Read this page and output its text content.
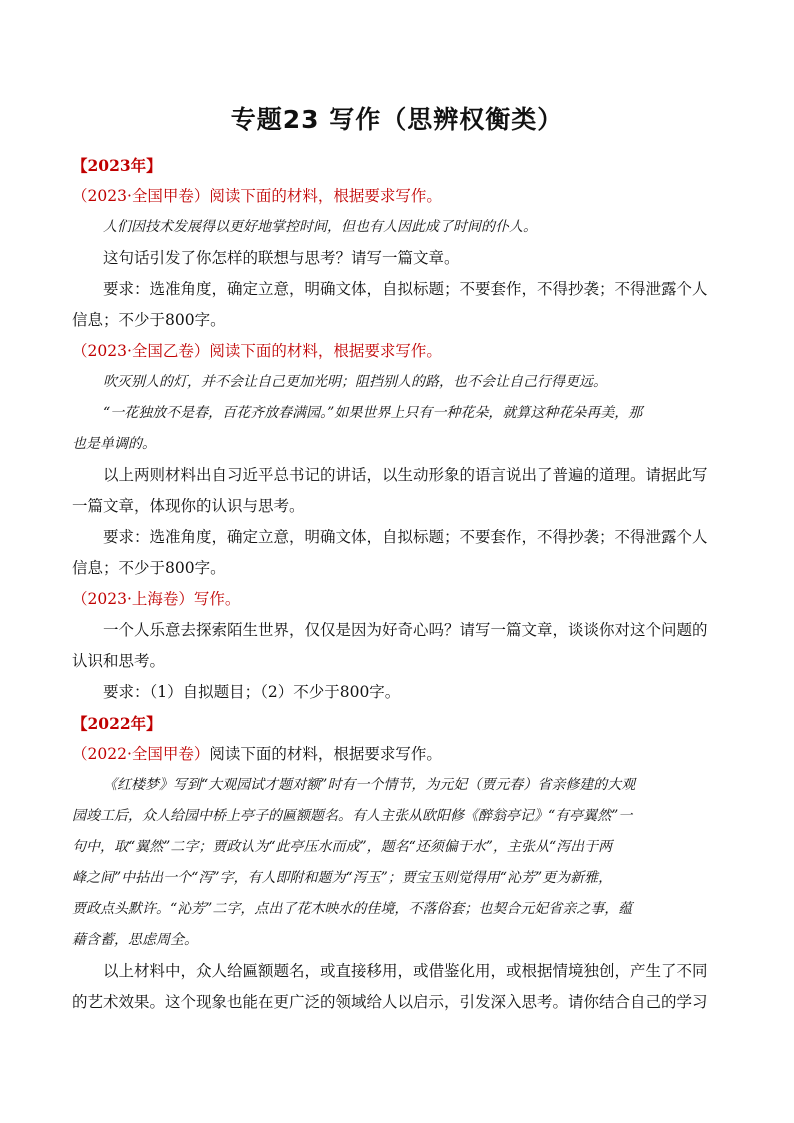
专题23 写作（思辨权衡类）
【2023年】
（2023·全国甲卷）阅读下面的材料，根据要求写作。
人们因技术发展得以更好地掌控时间，但也有人因此成了时间的仆人。
这句话引发了你怎样的联想与思考？请写一篇文章。
要求：选准角度，确定立意，明确文体，自拟标题；不要套作，不得抄袭；不得泄露个人
信息；不少于800字。
（2023·全国乙卷）阅读下面的材料，根据要求写作。
吹灭别人的灯，并不会让自己更加光明；阻挡别人的路，也不会让自己行得更远。
“一花独放不是春，百花齐放春满园。”如果世界上只有一种花朵，就算这种花朵再美，那
也是单调的。
以上两则材料出自习近平总书记的讲话，以生动形象的语言说出了普遍的道理。请据此写
一篇文章，体现你的认识与思考。
要求：选准角度，确定立意，明确文体，自拟标题；不要套作，不得抄袭；不得泄露个人
信息；不少于800字。
（2023·上海卷）写作。
一个人乐意去探索陌生世界，仅仅是因为好奇心吗？请写一篇文章，谈谈你对这个问题的
认识和思考。
要求：（1）自拟题目；（2）不少于800字。
【2022年】
（2022·全国甲卷）阅读下面的材料，根据要求写作。
《红楼梦》写到“大观园试才题对额”时有一个情节，为元妃（贾元春）省亲修建的大观
园竣工后，众人给园中桥上亭子的匾额题名。有人主张从欧阳修《醉翁亭记》“有亭翼然”一
句中，取“翼然”二字；贾政认为“此亭压水而成”，题名“还须偏于水”，主张从“泻出于两
峰之间”中拈出一个“泻”字，有人即附和题为“泻玉”；贾宝玉则觉得用“沁芳”更为新雅，
贾政点头默许。“沁芳”二字，点出了花木映水的佳境，不落俗套；也契合元妃省亲之事，蕴
藉含蓄，思虑周全。
以上材料中，众人给匾额题名，或直接移用，或借鉴化用，或根据情境独创，产生了不同
的艺术效果。这个现象也能在更广泛的领域给人以启示，引发深入思考。请你结合自己的学习
